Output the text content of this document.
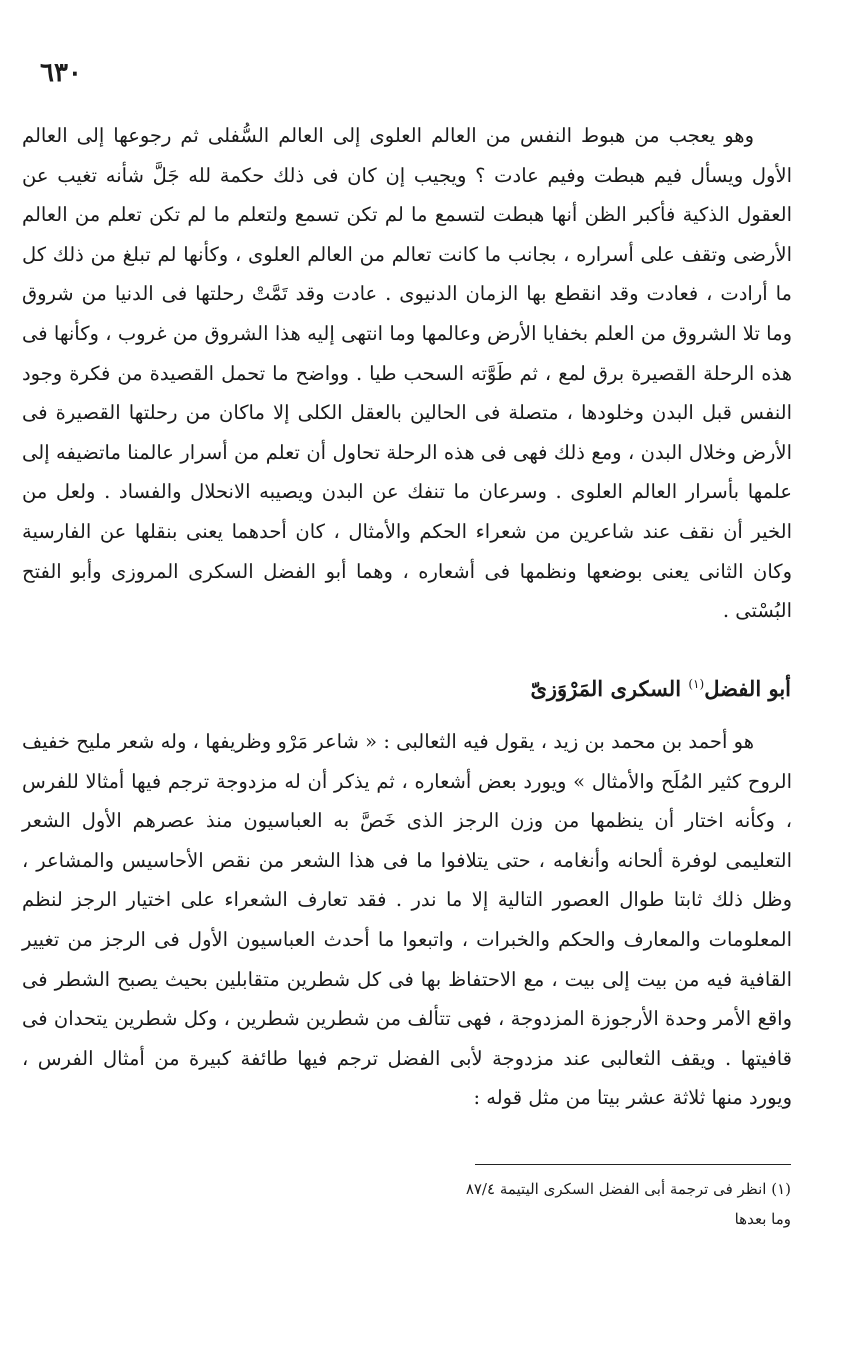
٦٣٠
وهو يعجب من هبوط النفس من العالم العلوى إلى العالم السُّفلى ثم رجوعها إلى العالم الأول ويسأل فيم هبطت وفيم عادت ؟ ويجيب إن كان فى ذلك حكمة لله جَلَّ شأنه تغيب عن العقول الذكية فأكبر الظن أنها هبطت لتسمع ما لم تكن تسمع ولتعلم ما لم تكن تعلم من العالم الأرضى وتقف على أسراره ، بجانب ما كانت تعالم من العالم العلوى ، وكأنها لم تبلغ من ذلك كل ما أرادت ، فعادت وقد انقطع بها الزمان الدنيوى . عادت وقد تَمَّتْ رحلتها فى الدنيا من شروق وما تلا الشروق من العلم بخفايا الأرض وعالمها وما انتهى إليه هذا الشروق من غروب ، وكأنها فى هذه الرحلة القصيرة برق لمع ، ثم طَوَّته السحب طيا . وواضح ما تحمل القصيدة من فكرة وجود النفس قبل البدن وخلودها ، متصلة فى الحالين بالعقل الكلى إلا ماكان من رحلتها القصيرة فى الأرض وخلال البدن ، ومع ذلك فهى فى هذه الرحلة تحاول أن تعلم من أسرار عالمنا ماتضيفه إلى علمها بأسرار العالم العلوى . وسرعان ما تنفك عن البدن ويصيبه الانحلال والفساد . ولعل من الخير أن نقف عند شاعرين من شعراء الحكم والأمثال ، كان أحدهما يعنى بنقلها عن الفارسية وكان الثانى يعنى بوضعها ونظمها فى أشعاره ، وهما أبو الفضل السكرى المروزى وأبو الفتح البُسْتى .
أبو الفضل$^{(١)}$ السكرى المَرْوَزىّ
هو أحمد بن محمد بن زيد ، يقول فيه الثعالبى : « شاعر مَرْو وظريفها ، وله شعر مليح خفيف الروح كثير المُلَح والأمثال » ويورد بعض أشعاره ، ثم يذكر أن له مزدوجة ترجم فيها أمثالا للفرس ، وكأنه اختار أن ينظمها من وزن الرجز الذى خَصَّ به العباسيون منذ عصرهم الأول الشعر التعليمى لوفرة ألحانه وأنغامه ، حتى يتلافوا ما فى هذا الشعر من نقص الأحاسيس والمشاعر ، وظل ذلك ثابتا طوال العصور التالية إلا ما ندر . فقد تعارف الشعراء على اختيار الرجز لنظم المعلومات والمعارف والحكم والخبرات ، واتبعوا ما أحدث العباسيون الأول فى الرجز من تغيير القافية فيه من بيت إلى بيت ، مع الاحتفاظ بها فى كل شطرين متقابلين بحيث يصبح الشطر فى واقع الأمر وحدة الأرجوزة المزدوجة ، فهى تتألف من شطرين شطرين ، وكل شطرين يتحدان فى قافيتها . ويقف الثعالبى عند مزدوجة لأبى الفضل ترجم فيها طائفة كبيرة من أمثال الفرس ، ويورد منها ثلاثة عشر بيتا من مثل قوله :
(١) انظر فى ترجمة أبى الفضل السكرى اليتيمة ٨٧/٤
وما بعدها
